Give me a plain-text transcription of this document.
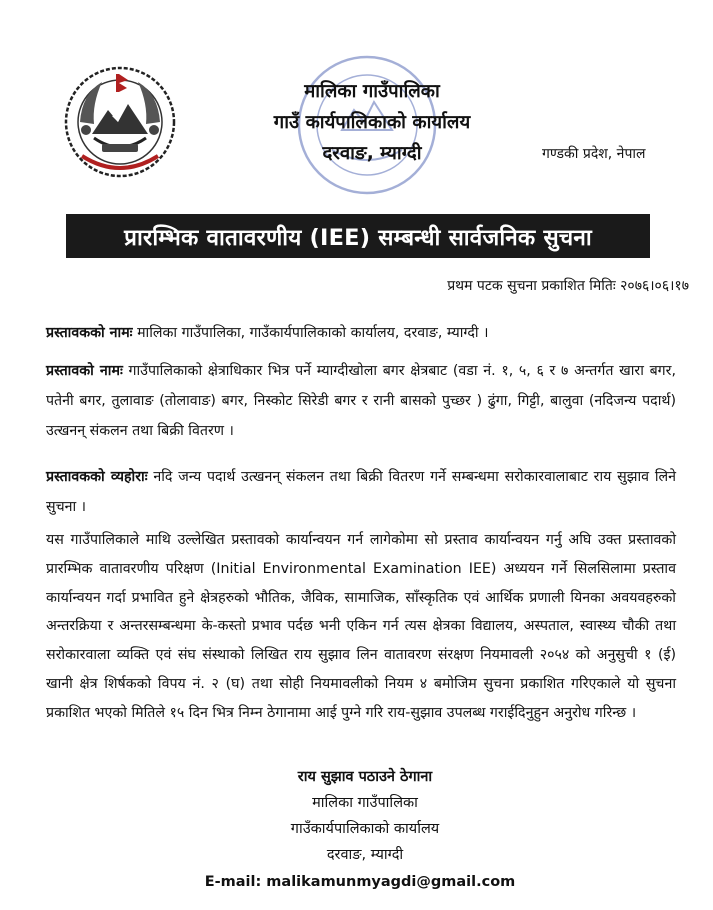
मालिका गाउँपालिका
गाउँ कार्यपालिकाको कार्यालय
दरवाङ, म्याग्दी	गण्डकी प्रदेश, नेपाल
प्रारम्भिक वातावरणीय (IEE) सम्बन्धी सार्वजनिक सुचना
प्रथम पटक सुचना प्रकाशित मितिः २०७६।०६।१७
प्रस्तावकको नामः मालिका गाउँपालिका, गाउँकार्यपालिकाको कार्यालय, दरवाङ, म्याग्दी ।
प्रस्तावको नामः गाउँपालिकाको क्षेत्राधिकार भित्र पर्ने म्याग्दीखोला बगर क्षेत्रबाट (वडा नं. १, ५, ६ र ७ अन्तर्गत खारा बगर, पतेनी बगर, तुलावाङ (तोलावाङ) बगर, निस्कोट सिरेडी बगर र रानी बासको पुच्छर ) ढुंगा, गिट्टी, बालुवा (नदिजन्य पदार्थ) उत्खनन् संकलन तथा बिक्री वितरण ।
प्रस्तावकको व्यहोराः नदि जन्य पदार्थ उत्खनन् संकलन तथा बिक्री वितरण गर्ने सम्बन्धमा सरोकारवालाबाट राय सुझाव लिने सुचना ।
यस गाउँपालिकाले माथि उल्लेखित प्रस्तावको कार्यान्वयन गर्न लागेकोमा सो प्रस्ताव कार्यान्वयन गर्नु अघि उक्त प्रस्तावको प्रारम्भिक वातावरणीय परिक्षण (Initial Environmental Examination IEE) अध्ययन गर्ने सिलसिलामा प्रस्ताव कार्यान्वयन गर्दा प्रभावित हुने क्षेत्रहरुको भौतिक, जैविक, सामाजिक, साँस्कृतिक एवं आर्थिक प्रणाली यिनका अवयवहरुको अन्तरक्रिया र अन्तरसम्बन्धमा के-कस्तो प्रभाव पर्दछ भनी एकिन गर्न त्यस क्षेत्रका विद्यालय, अस्पताल, स्वास्थ्य चौकी तथा सरोकारवाला व्यक्ति एवं संघ संस्थाको लिखित राय सुझाव लिन वातावरण संरक्षण नियमावली २०५४ को अनुसुची १ (ई) खानी क्षेत्र शिर्षकको विपय नं. २ (घ) तथा सोही नियमावलीको नियम ४ बमोजिम सुचना प्रकाशित गरिएकाले यो सुचना प्रकाशित भएको मितिले १५ दिन भित्र निम्न ठेगानामा आई पुग्ने गरि राय-सुझाव उपलब्ध गराईदिनुहुन अनुरोध गरिन्छ ।
राय सुझाव पठाउने ठेगाना
मालिका गाउँपालिका
गाउँकार्यपालिकाको कार्यालय
दरवाङ, म्याग्दी
E-mail: malikamunmyagdi@gmail.com
